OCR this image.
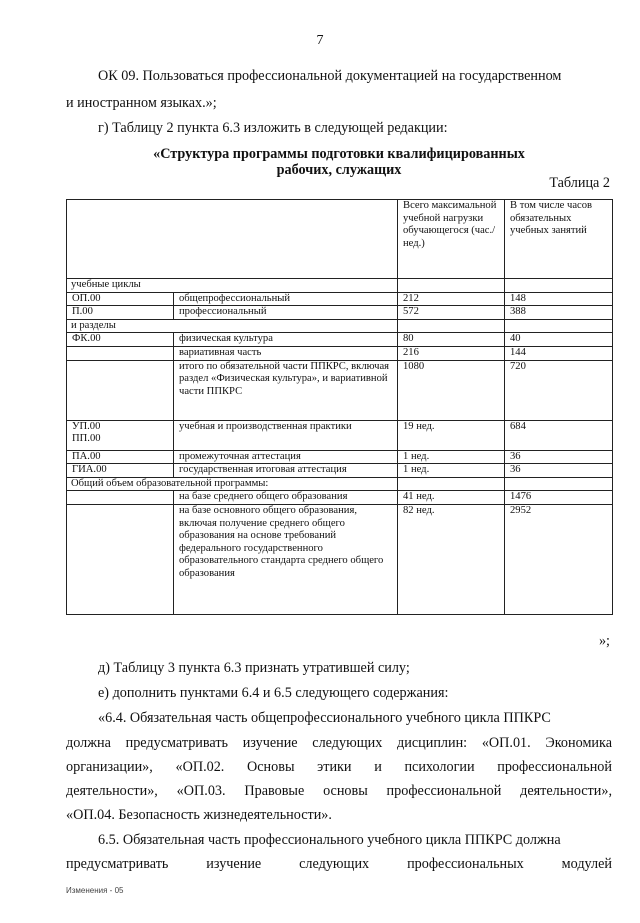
7
ОК 09. Пользоваться профессиональной документацией на государственном
и иностранном языках.»;
г) Таблицу 2 пункта 6.3 изложить в следующей редакции:
«Структура программы подготовки квалифицированных
рабочих, служащих
Таблица 2
		Всего максимальной учебной нагрузки обучающегося (час./нед.)	В том числе часов обязательных учебных занятий
учебные циклы			
ОП.00	общепрофессиональный	212	148
П.00	профессиональный	572	388
и разделы			
ФК.00	физическая культура	80	40
	вариативная часть	216	144
	итого по обязательной части ППКРС, включая раздел «Физическая культура», и вариативной части ППКРС	1080	720

УП.00
ПП.00	учебная и производственная практики	19 нед.	684
ПА.00	промежуточная аттестация	1 нед.	36
ГИА.00	государственная итоговая аттестация	1 нед.	36
Общий объем образовательной программы:			
	на базе среднего общего образования	41 нед.	1476
	на базе основного общего образования, включая получение среднего общего образования на основе требований федерального государственного образовательного стандарта среднего общего образования	82 нед.	2952
»;
д) Таблицу 3 пункта 6.3 признать утратившей силу;
е) дополнить пунктами 6.4 и 6.5 следующего содержания:
«6.4. Обязательная часть общепрофессионального учебного цикла ППКРС
должна предусматривать изучение следующих дисциплин: «ОП.01. Экономика
организации», «ОП.02. Основы этики и психологии профессиональной
деятельности», «ОП.03. Правовые основы профессиональной деятельности»,
«ОП.04. Безопасность жизнедеятельности».
6.5. Обязательная часть профессионального учебного цикла ППКРС должна
предусматривать изучение следующих профессиональных модулей
Изменения - 05
